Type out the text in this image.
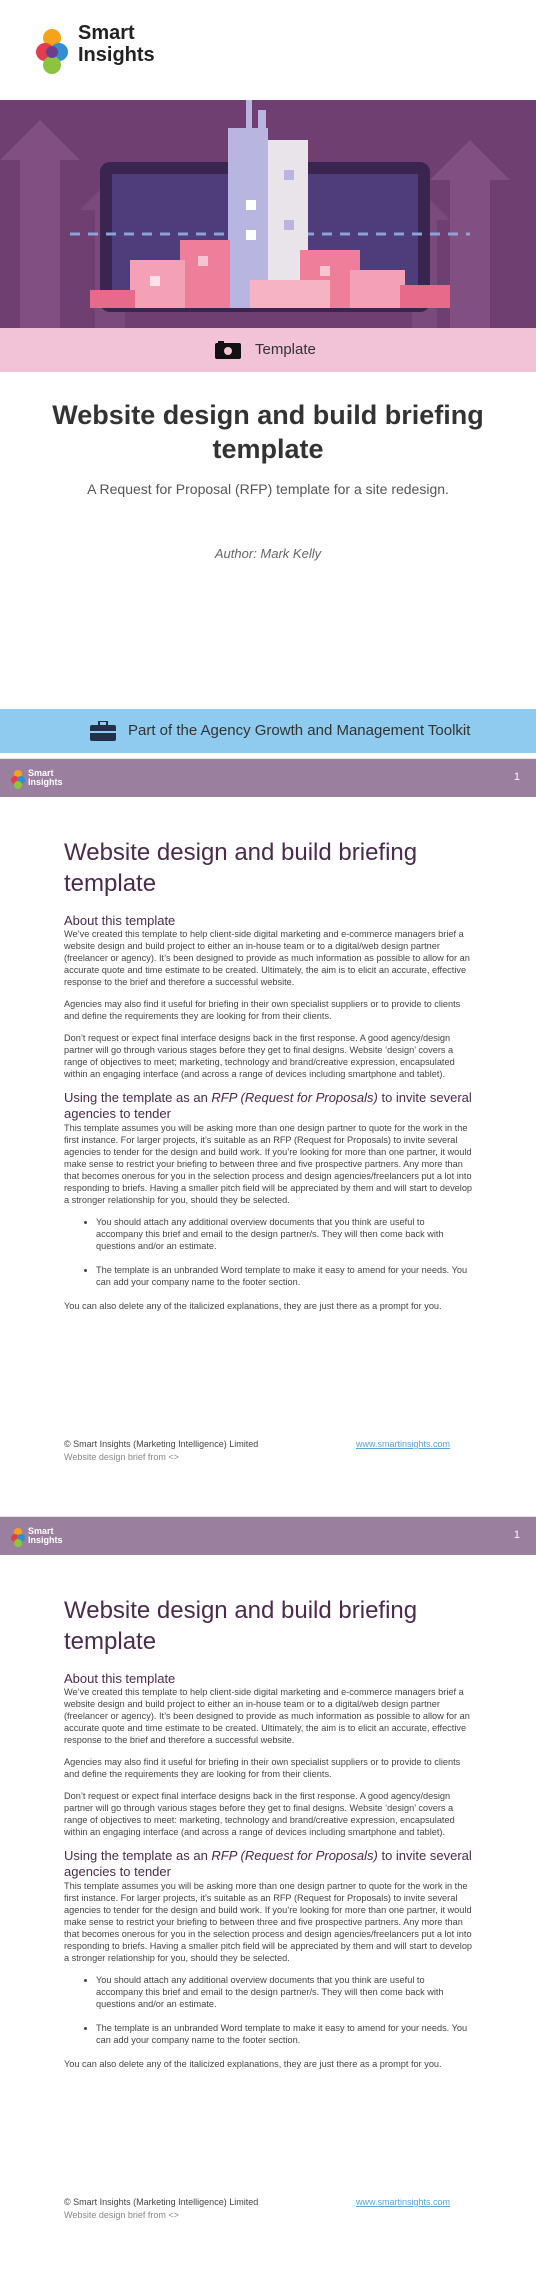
Smart
Insights
Template
Website design and build briefing template
A Request for Proposal (RFP) template for a site redesign.
Author: Mark Kelly
Part of the Agency Growth and Management Toolkit
Smart
Insights	1
Website design and build briefing template
About this template

We’ve created this template to help client-side digital marketing and e-commerce managers brief a website design and build project to either an in-house team or to a digital/web design partner (freelancer or agency). It’s been designed to provide as much information as possible to allow for an accurate quote and time estimate to be created. Ultimately, the aim is to elicit an accurate, effective response to the brief and therefore a successful website.

Agencies may also find it useful for briefing in their own specialist suppliers or to provide to clients and define the requirements they are looking for from their clients.

Don’t request or expect final interface designs back in the first response. A good agency/design partner will go through various stages before they get to final designs. Website ‘design’ covers a range of objectives to meet; marketing, technology and brand/creative expression, encapsulated within an engaging interface (and across a range of devices including smartphone and tablet).

Using the template as an RFP (Request for Proposals) to invite several agencies to tender

This template assumes you will be asking more than one design partner to quote for the work in the first instance. For larger projects, it’s suitable as an RFP (Request for Proposals) to invite several agencies to tender for the design and build work. If you’re looking for more than one partner, it would make sense to restrict your briefing to between three and five prospective partners. Any more than that becomes onerous for you in the selection process and design agencies/freelancers put a lot into responding to briefs. Having a smaller pitch field will be appreciated by them and will start to develop a stronger relationship for you, should they be selected.

• You should attach any additional overview documents that you think are useful to accompany this brief and email to the design partner/s. They will then come back with questions and/or an estimate.
• The template is an unbranded Word template to make it easy to amend for your needs. You can add your company name to the footer section.

You can also delete any of the italicized explanations, they are just there as a prompt for you.

© Smart Insights (Marketing Intelligence) Limited	www.smartinsights.com
Website design brief from <>
Smart
Insights	1
Website design and build briefing template
About this template

We’ve created this template to help client-side digital marketing and e-commerce managers brief a website design and build project to either an in-house team or to a digital/web design partner (freelancer or agency). It’s been designed to provide as much information as possible to allow for an accurate quote and time estimate to be created. Ultimately, the aim is to elicit an accurate, effective response to the brief and therefore a successful website.

Agencies may also find it useful for briefing in their own specialist suppliers or to provide to clients and define the requirements they are looking for from their clients.

Don’t request or expect final interface designs back in the first response. A good agency/design partner will go through various stages before they get to final designs. Website ‘design’ covers a range of objectives to meet: marketing, technology and brand/creative expression, encapsulated within an engaging interface (and across a range of devices including smartphone and tablet).

Using the template as an RFP (Request for Proposals) to invite several agencies to tender

This template assumes you will be asking more than one design partner to quote for the work in the first instance. For larger projects, it’s suitable as an RFP (Request for Proposals) to invite several agencies to tender for the design and build work. If you’re looking for more than one partner, it would make sense to restrict your briefing to between three and five prospective partners. Any more than that becomes onerous for you in the selection process and design agencies/freelancers put a lot into responding to briefs. Having a smaller pitch field will be appreciated by them and will start to develop a stronger relationship for you, should they be selected.

• You should attach any additional overview documents that you think are useful to accompany this brief and email to the design partner/s. They will then come back with questions and/or an estimate.
• The template is an unbranded Word template to make it easy to amend for your needs. You can add your company name to the footer section.

You can also delete any of the italicized explanations, they are just there as a prompt for you.

© Smart Insights (Marketing Intelligence) Limited	www.smartinsights.com
Website design brief from <>
